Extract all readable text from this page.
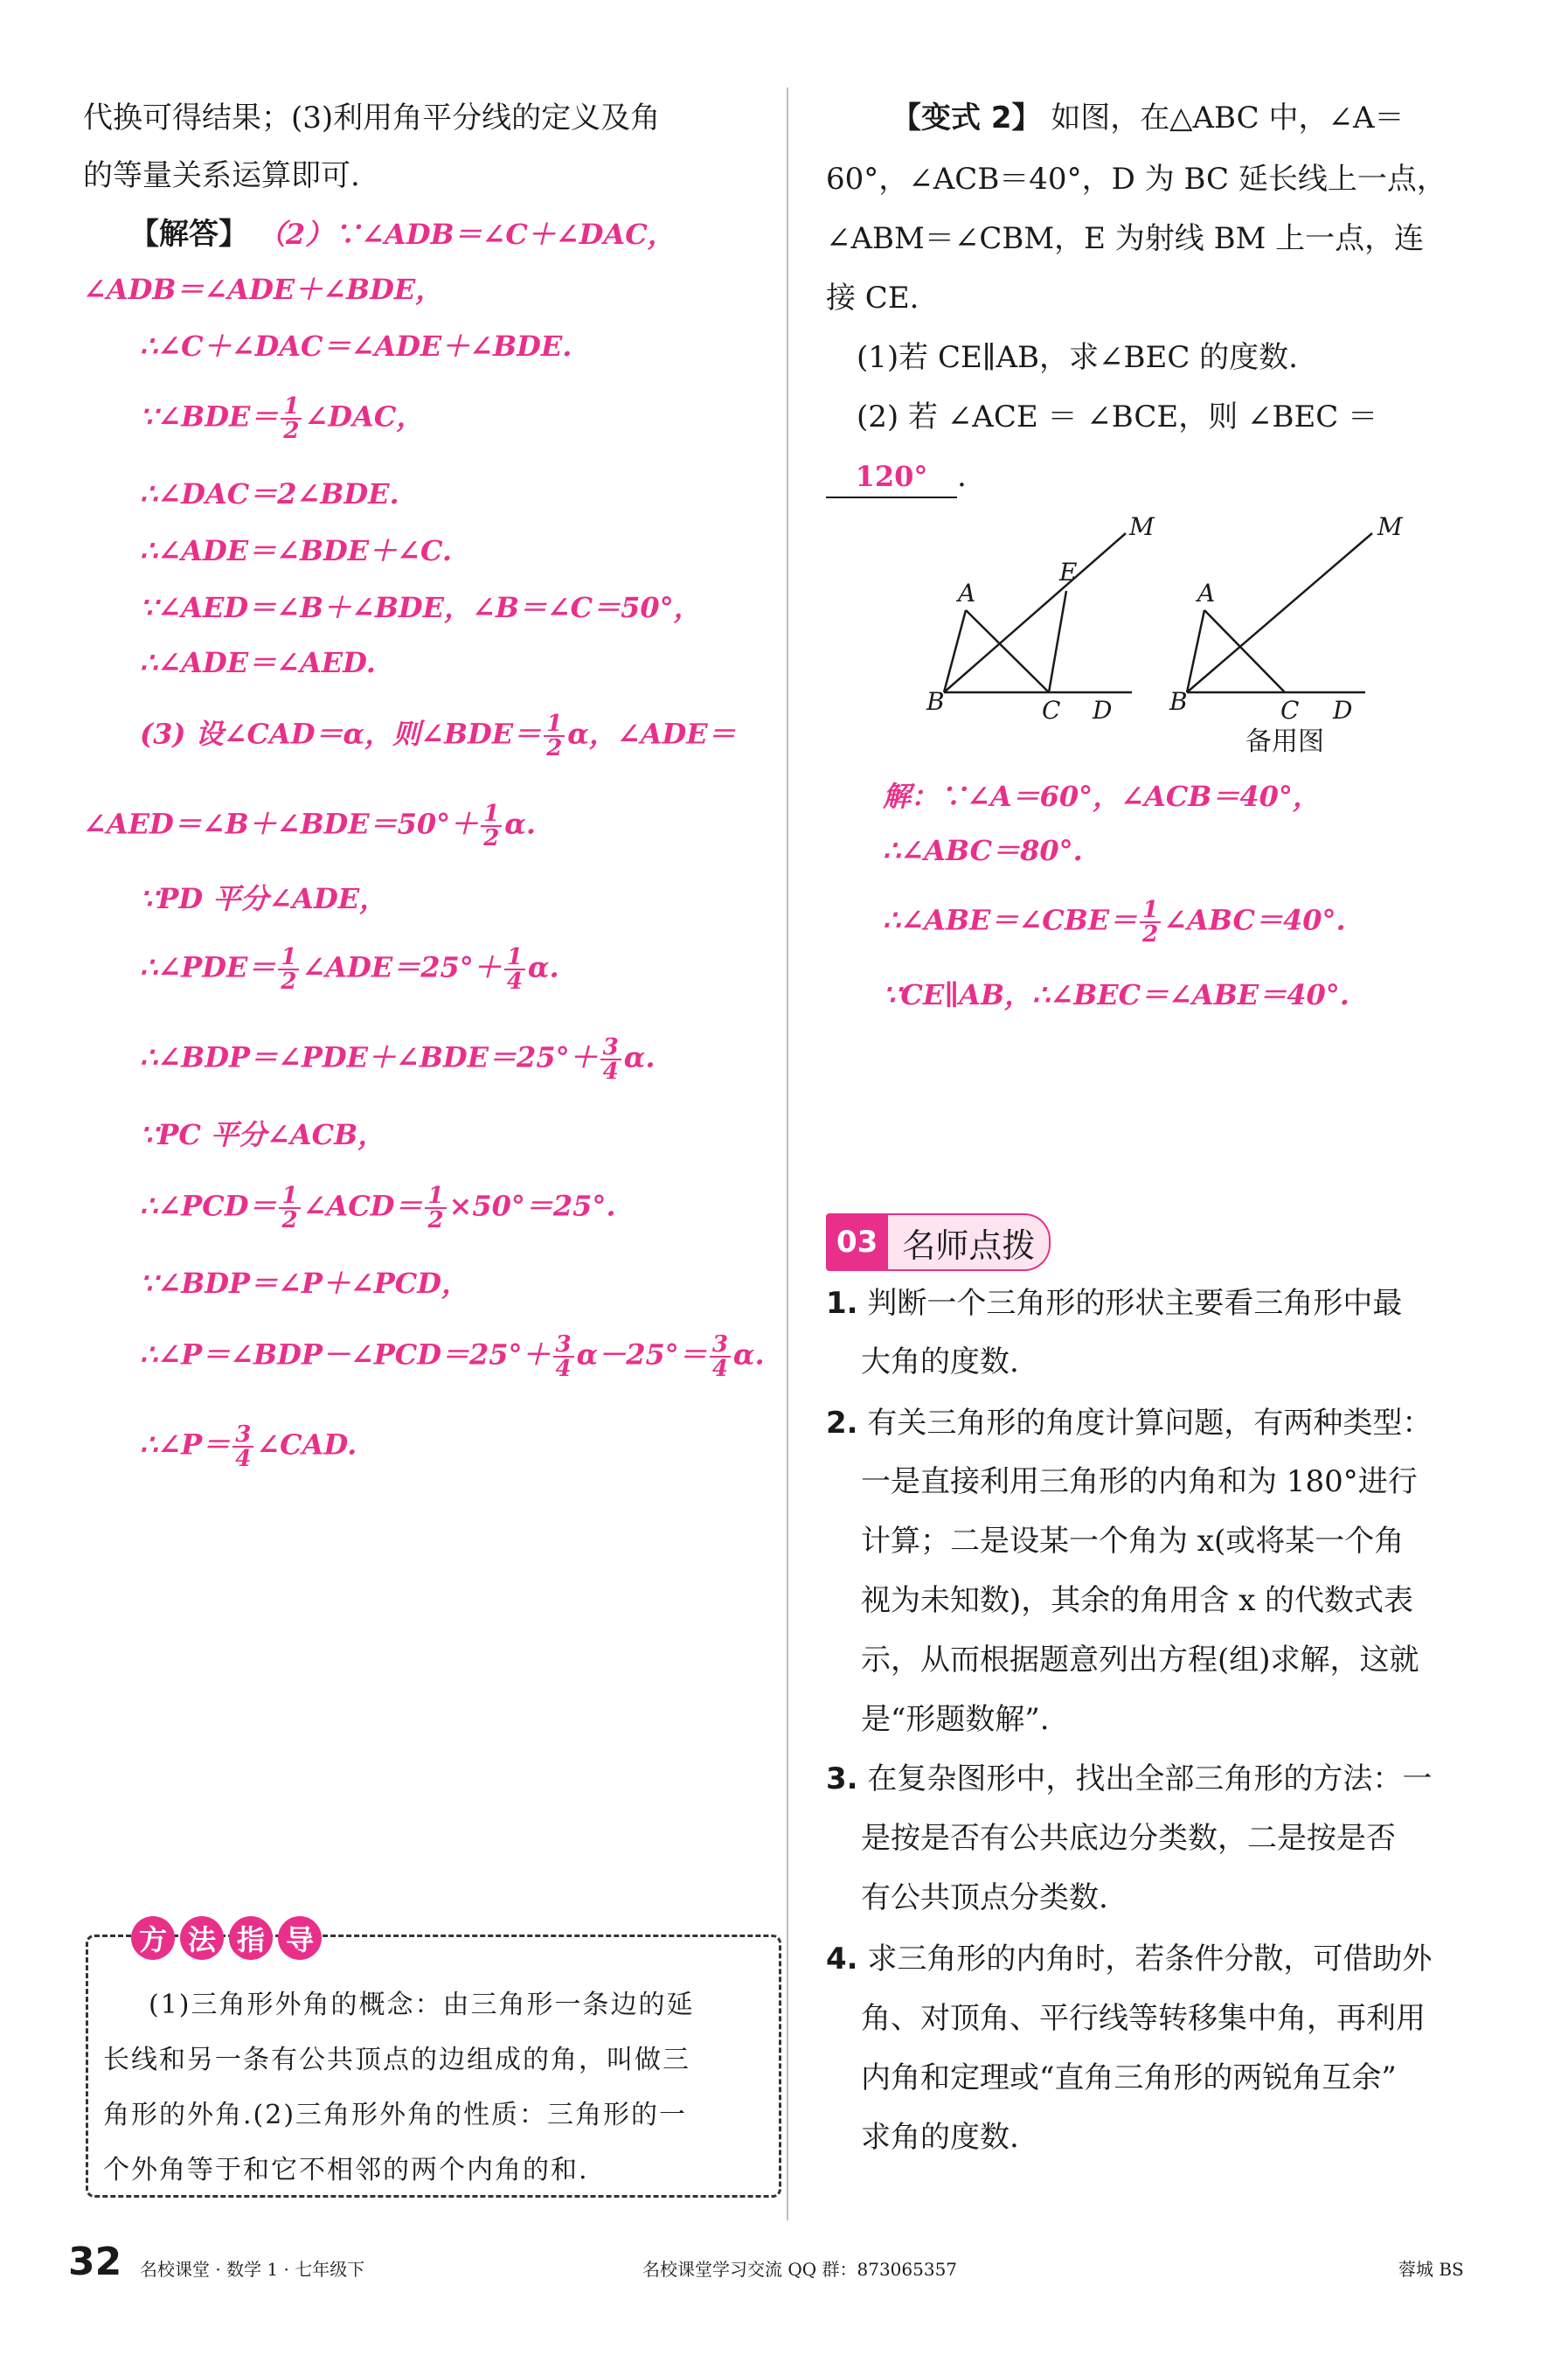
代换可得结果；(3)利用角平分线的定义及角
的等量关系运算即可.
【解答】 （2）∵∠ADB＝∠C＋∠DAC，
∠ADB＝∠ADE＋∠BDE，
∴∠C＋∠DAC＝∠ADE＋∠BDE.
∵∠BDE＝ $\frac{1}{2}$ ∠DAC，
∴∠DAC＝2∠BDE.
∴∠ADE＝∠BDE＋∠C.
∵∠AED＝∠B＋∠BDE，∠B＝∠C＝50°，
∴∠ADE＝∠AED.
(3) 设∠CAD＝α，则∠BDE＝ $\frac{1}{2}$ α，∠ADE＝
∠AED＝∠B＋∠BDE＝50°＋ $\frac{1}{2} \alpha$.
∵PD 平分∠ADE，
∴∠PDE＝ $\frac{1}{2}$ ∠ADE＝25°＋ $\frac{1}{4} \alpha$.
∴∠BDP＝∠PDE＋∠BDE＝25°＋ $\frac{3}{4} \alpha$.
∵PC 平分∠ACB，
∴∠PCD＝ $\frac{1}{2}$ ∠ACD＝ $\frac{1}{2} \times 50^\circ=25^\circ$.
∵∠BDP＝∠P＋∠PCD，
∴∠P＝∠BDP－∠PCD＝25°＋ $\frac{3}{4} \alpha-25^\circ= \frac{3}{4} \alpha$.
∴∠P＝ $\frac{3}{4}$ ∠CAD.
方 法 指 导
(1)三角形外角的概念：由三角形一条边的延
长线和另一条有公共顶点的边组成的角，叫做三
角形的外角.(2)三角形外角的性质：三角形的一
个外角等于和它不相邻的两个内角的和.
【变式 2】 如图，在△ABC 中，∠A＝
60°，∠ACB＝40°，D 为 BC 延长线上一点，
∠ABM＝∠CBM，E 为射线 BM 上一点，连
接 CE.
(1)若 CE∥AB，求∠BEC 的度数.
(2) 若 ∠ACE ＝ ∠BCE，则 ∠BEC ＝
120° .
A
B	C D
E
M
A
B	C D
M
备用图
解：∵∠A＝60°，∠ACB＝40°，
∴∠ABC＝80°.
∴∠ABE＝∠CBE＝ $\frac{1}{2}$ ∠ABC＝40°.
∵CE∥AB，∴∠BEC＝∠ABE＝40°.
03 名师点拨
1. 判断一个三角形的形状主要看三角形中最
大角的度数.
2. 有关三角形的角度计算问题，有两种类型：
一是直接利用三角形的内角和为 180°进行
计算；二是设某一个角为 x(或将某一个角
视为未知数)，其余的角用含 x 的代数式表
示，从而根据题意列出方程(组)求解，这就
是“形题数解”.
3. 在复杂图形中，找出全部三角形的方法：一
是按是否有公共底边分类数，二是按是否
有公共顶点分类数.
4. 求三角形的内角时，若条件分散，可借助外
角、对顶角、平行线等转移集中角，再利用
内角和定理或“直角三角形的两锐角互余”
求角的度数.
32 名校课堂 · 数学 1 · 七年级下	名校课堂学习交流 QQ 群：873065357	蓉城 BS
